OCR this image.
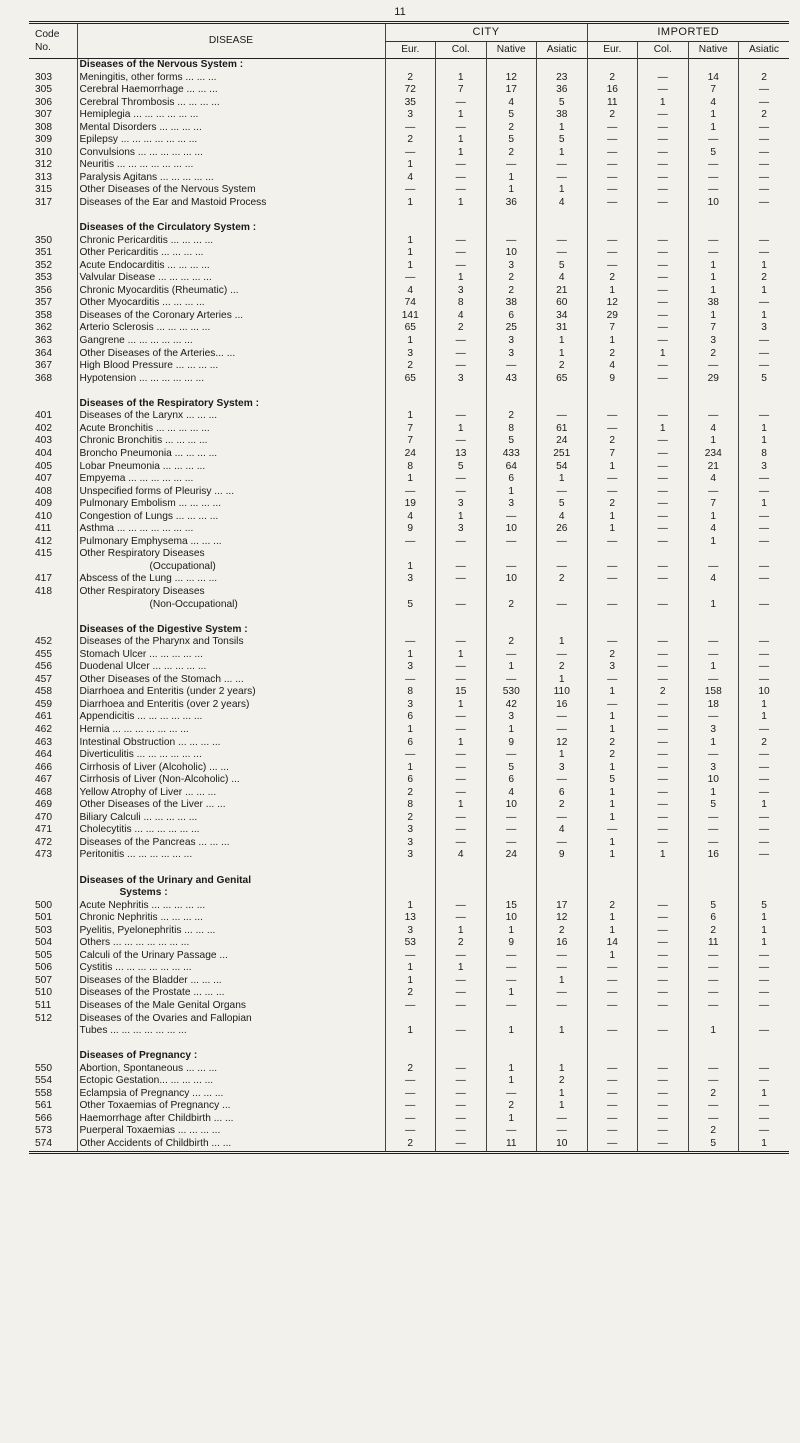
11
Code No.	DISEASE	CITY				IMPORTED			
		Eur.	Col.	Native	Asiatic	Eur.	Col.	Native	Asiatic
	Diseases of the Nervous System :								
303	Meningitis, other forms ... ... ...	2	1	12	23	2	—	14	2
305	Cerebral Haemorrhage ... ... ...	72	7	17	36	16	—	7	—
306	Cerebral Thrombosis ... ... ... ...	35	—	4	5	11	1	4	—
307	Hemiplegia ... ... ... ... ... ...	3	1	5	38	2	—	1	2
308	Mental Disorders ... ... ... ...	—	—	2	1	—	—	1	—
309	Epilepsy ... ... ... ... ... ... ...	2	1	5	5	—	—	—	—
310	Convulsions ... ... ... ... ... ...	—	1	2	1	—	—	5	—
312	Neuritis ... ... ... ... ... ... ...	1	—	—	—	—	—	—	—
313	Paralysis Agitans ... ... ... ... ...	4	—	1	—	—	—	—	—
315	Other Diseases of the Nervous System	—	—	1	1	—	—	—	—
317	Diseases of the Ear and Mastoid Process	1	1	36	4	—	—	10	—

	Diseases of the Circulatory System :								
350	Chronic Pericarditis ... ... ... ...	1	—	—	—	—	—	—	—
351	Other Pericarditis ... ... ... ...	1	—	10	—	—	—	—	—
352	Acute Endocarditis ... ... ... ...	1	—	3	5	—	—	1	1
353	Valvular Disease ... ... ... ... ...	—	1	2	4	2	—	1	2
356	Chronic Myocarditis (Rheumatic) ...	4	3	2	21	1	—	1	1
357	Other Myocarditis ... ... ... ...	74	8	38	60	12	—	38	—
358	Diseases of the Coronary Arteries ...	141	4	6	34	29	—	1	1
362	Arterio Sclerosis ... ... ... ... ...	65	2	25	31	7	—	7	3
363	Gangrene ... ... ... ... ... ...	1	—	3	1	1	—	3	—
364	Other Diseases of the Arteries... ...	3	—	3	1	2	1	2	—
367	High Blood Pressure ... ... ... ...	2	—	—	2	4	—	—	—
368	Hypotension ... ... ... ... ... ...	65	3	43	65	9	—	29	5

	Diseases of the Respiratory System :								
401	Diseases of the Larynx ... ... ...	1	—	2	—	—	—	—	—
402	Acute Bronchitis ... ... ... ... ...	7	1	8	61	—	1	4	1
403	Chronic Bronchitis ... ... ... ...	7	—	5	24	2	—	1	1
404	Broncho Pneumonia ... ... ... ...	24	13	433	251	7	—	234	8
405	Lobar Pneumonia ... ... ... ...	8	5	64	54	1	—	21	3
407	Empyema ... ... ... ... ... ...	1	—	6	1	—	—	4	—
408	Unspecified forms of Pleurisy ... ...	—	—	1	—	—	—	—	—
409	Pulmonary Embolism ... ... ... ...	19	3	3	5	2	—	7	1
410	Congestion of Lungs ... ... ... ...	4	1	—	4	1	—	1	—
411	Asthma ... ... ... ... ... ... ...	9	3	10	26	1	—	4	—
412	Pulmonary Emphysema ... ... ...	—	—	—	—	—	—	1	—
415	Other Respiratory Diseases								
	(Occupational)	1	—	—	—	—	—	—	—
417	Abscess of the Lung ... ... ... ...	3	—	10	2	—	—	4	—
418	Other Respiratory Diseases								
	(Non-Occupational)	5	—	2	—	—	—	1	—

	Diseases of the Digestive System :								
452	Diseases of the Pharynx and Tonsils	—	—	2	1	—	—	—	—
455	Stomach Ulcer ... ... ... ... ...	1	1	—	—	2	—	—	—
456	Duodenal Ulcer ... ... ... ... ...	3	—	1	2	3	—	1	—
457	Other Diseases of the Stomach ... ...	—	—	—	1	—	—	—	—
458	Diarrhoea and Enteritis (under 2 years)	8	15	530	110	1	2	158	10
459	Diarrhoea and Enteritis (over 2 years)	3	1	42	16	—	—	18	1
461	Appendicitis ... ... ... ... ... ...	6	—	3	—	1	—	—	1
462	Hernia ... ... ... ... ... ... ...	1	—	1	—	1	—	3	—
463	Intestinal Obstruction ... ... ... ...	6	1	9	12	2	—	1	2
464	Diverticulitis ... ... ... ... ... ...	—	—	—	1	2	—	—	—
466	Cirrhosis of Liver (Alcoholic) ... ...	1	—	5	3	1	—	3	—
467	Cirrhosis of Liver (Non-Alcoholic) ...	6	—	6	—	5	—	10	—
468	Yellow Atrophy of Liver ... ... ...	2	—	4	6	1	—	1	—
469	Other Diseases of the Liver ... ...	8	1	10	2	1	—	5	1
470	Biliary Calculi ... ... ... ... ...	2	—	—	—	1	—	—	—
471	Cholecytitis ... ... ... ... ... ...	3	—	—	4	—	—	—	—
472	Diseases of the Pancreas ... ... ...	3	—	—	—	1	—	—	—
473	Peritonitis ... ... ... ... ... ...	3	4	24	9	1	1	16	—

	Diseases of the Urinary and Genital								
	Systems :								
500	Acute Nephritis ... ... ... ... ...	1	—	15	17	2	—	5	5
501	Chronic Nephritis ... ... ... ...	13	—	10	12	1	—	6	1
503	Pyelitis, Pyelonephritis ... ... ...	3	1	1	2	1	—	2	1
504	Others ... ... ... ... ... ... ...	53	2	9	16	14	—	11	1
505	Calculi of the Urinary Passage ...	—	—	—	—	1	—	—	—
506	Cystitis ... ... ... ... ... ... ...	1	1	—	—	—	—	—	—
507	Diseases of the Bladder ... ... ...	1	—	—	1	—	—	—	—
510	Diseases of the Prostate ... ... ...	2	—	1	—	—	—	—	—
511	Diseases of the Male Genital Organs	—	—	—	—	—	—	—	—
512	Diseases of the Ovaries and Fallopian								
	Tubes ... ... ... ... ... ... ...	1	—	1	1	—	—	1	—

	Diseases of Pregnancy :								
550	Abortion, Spontaneous ... ... ...	2	—	1	1	—	—	—	—
554	Ectopic Gestation... ... ... ... ...	—	—	1	2	—	—	—	—
558	Eclampsia of Pregnancy ... ... ...	—	—	—	1	—	—	2	1
561	Other Toxaemias of Pregnancy ...	—	—	2	1	—	—	—	—
566	Haemorrhage after Childbirth ... ...	—	—	1	—	—	—	—	—
573	Puerperal Toxaemias ... ... ... ...	—	—	—	—	—	—	2	—
574	Other Accidents of Childbirth ... ...	2	—	11	10	—	—	5	1
